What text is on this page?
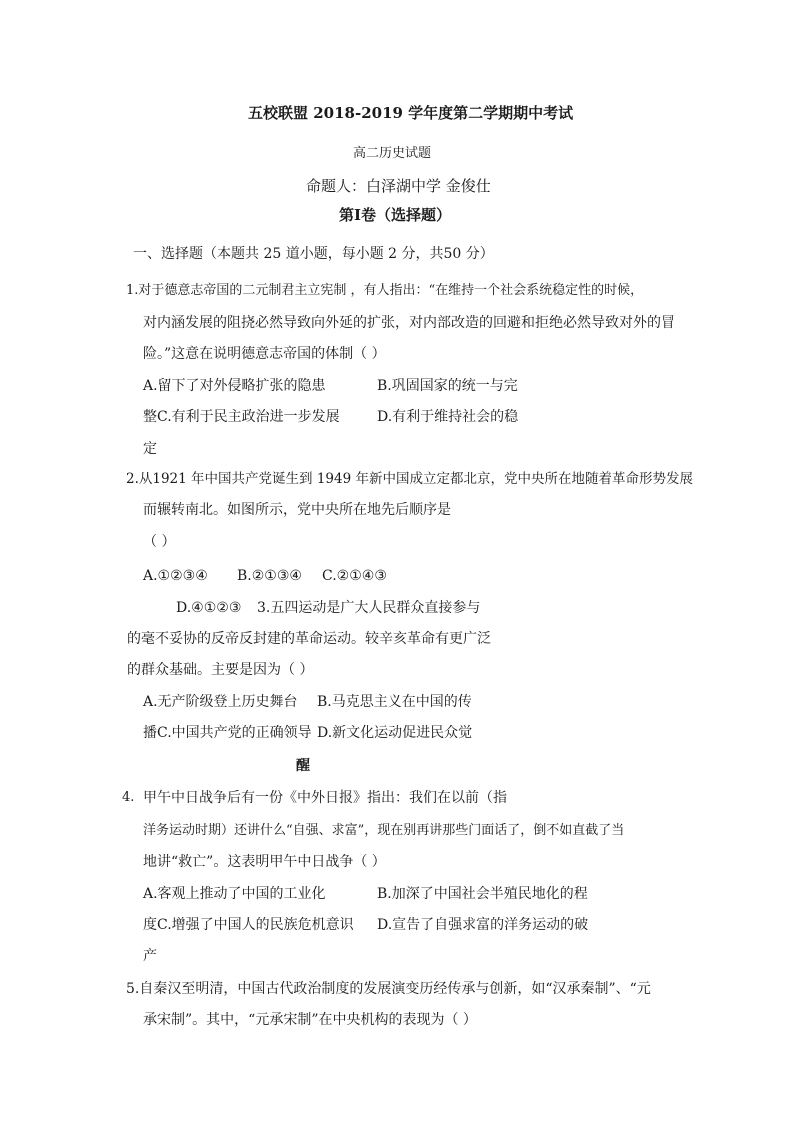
五校联盟 2018-2019 学年度第二学期期中考试
高二历史试题
命题人：白泽湖中学 金俊仕
第Ⅰ卷（选择题）
一、选择题（本题共 25 道小题，每小题 2 分，共50 分）
1.对于德意志帝国的二元制君主立宪制 ，有人指出：“在维持一个社会系统稳定性的时候，
对内涵发展的阻挠必然导致向外延的扩张，对内部改造的回避和拒绝必然导致对外的冒
险。”这意在说明德意志帝国的体制（ ）
A.留下了对外侵略扩张的隐患	B.巩固国家的统一与完
整C.有利于民主政治进一步发展	D.有利于维持社会的稳
定
2.从1921 年中国共产党诞生到 1949 年新中国成立定都北京，党中央所在地随着革命形势发展
而辗转南北。如图所示，党中央所在地先后顺序是
（ ）
A.①②③④ B.②①③④ C.②①④③
D.④①②③ 3.五四运动是广大人民群众直接参与
的毫不妥协的反帝反封建的革命运动。较辛亥革命有更广泛
的群众基础。主要是因为（ ）
A.无产阶级登上历史舞台 B.马克思主义在中国的传
播C.中国共产党的正确领导 D.新文化运动促进民众觉
醒
4. 甲午中日战争后有一份《中外日报》指出：我们在以前（指
洋务运动时期）还讲什么“自强、求富”，现在别再讲那些门面话了，倒不如直截了当
地讲“救亡”。这表明甲午中日战争（ ）
A.客观上推动了中国的工业化	B.加深了中国社会半殖民地化的程
度C.增强了中国人的民族危机意识 D.宣告了自强求富的洋务运动的破
产
5.自秦汉至明清，中国古代政治制度的发展演变历经传承与创新，如“汉承秦制”、“元
承宋制”。其中，“元承宋制”在中央机构的表现为（ ）
